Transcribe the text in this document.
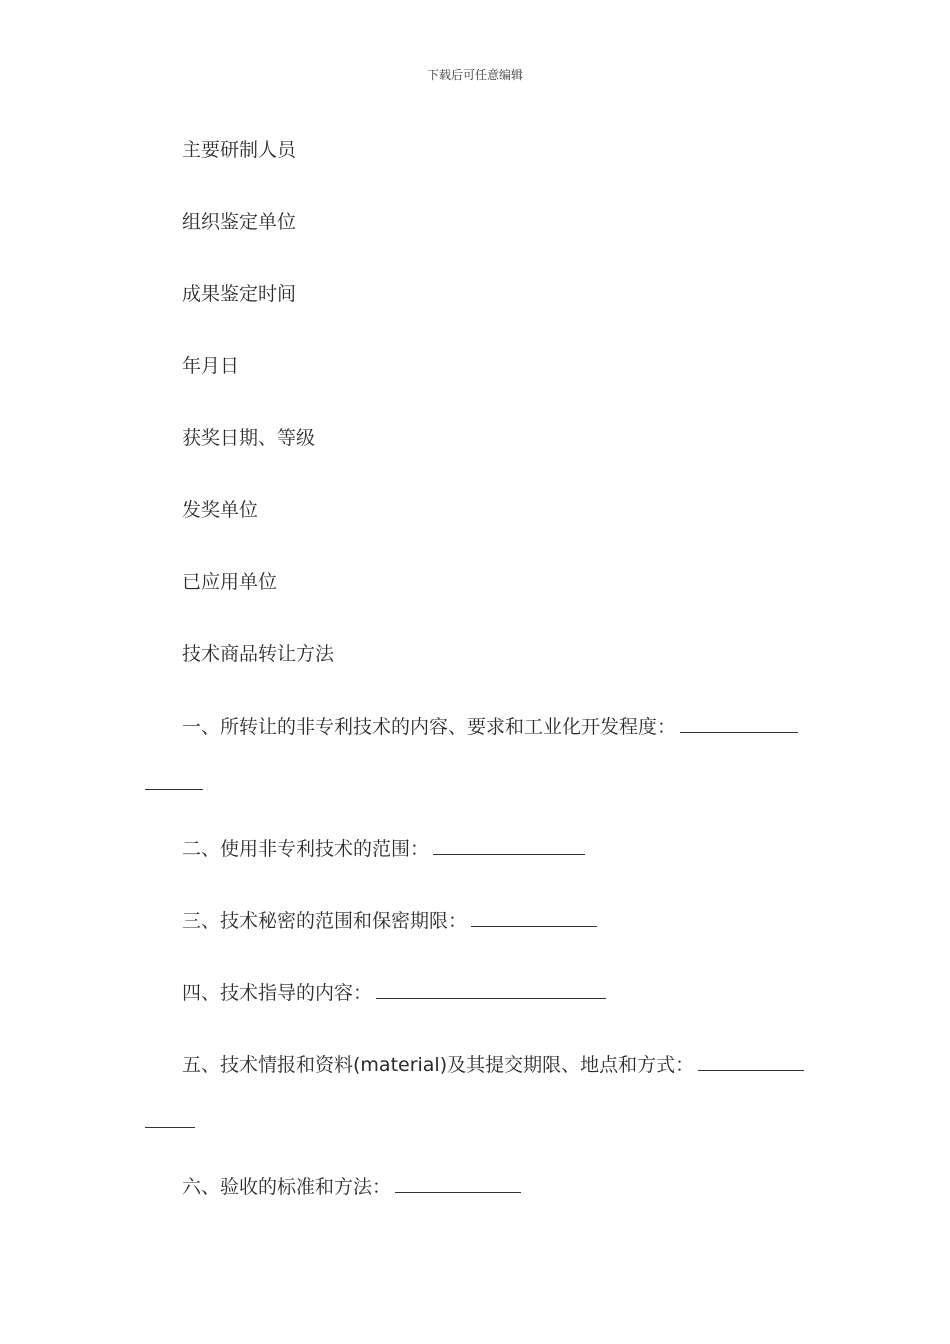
下载后可任意编辑
主要研制人员
组织鉴定单位
成果鉴定时间
年月日
获奖日期、等级
发奖单位
已应用单位
技术商品转让方法
一、所转让的非专利技术的内容、要求和工业化开发程度：
二、使用非专利技术的范围：
三、技术秘密的范围和保密期限：
四、技术指导的内容：
五、技术情报和资料(material)及其提交期限、地点和方式：
六、验收的标准和方法：
